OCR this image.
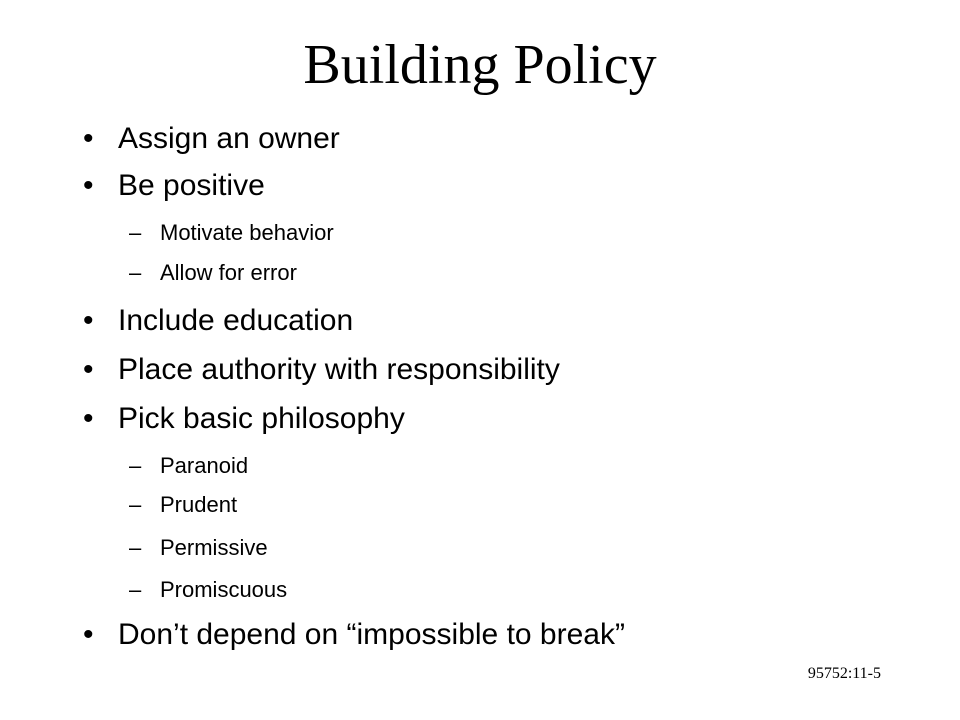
Building Policy
• Assign an owner
• Be positive
– Motivate behavior
– Allow for error
• Include education
• Place authority with responsibility
• Pick basic philosophy
– Paranoid
– Prudent
– Permissive
– Promiscuous
• Don’t depend on “impossible to break”
95752:11-5
